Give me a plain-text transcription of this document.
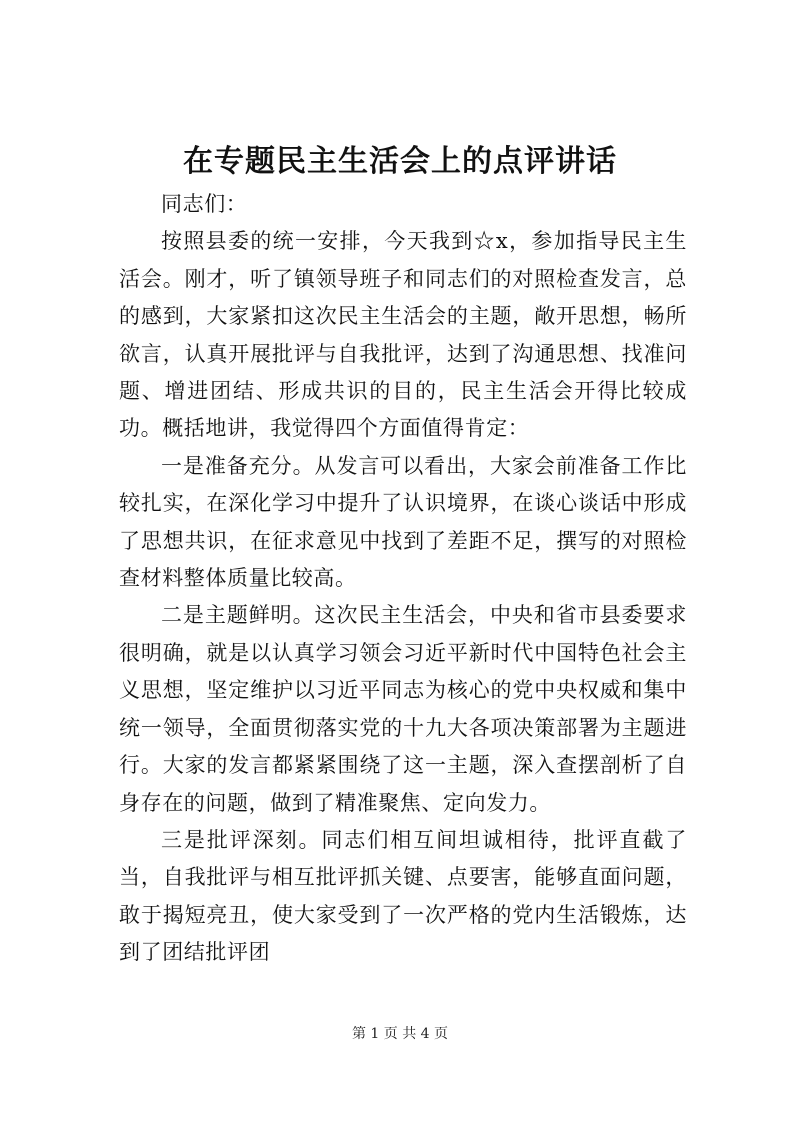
在专题民主生活会上的点评讲话

同志们：

按照县委的统一安排，今天我到☆x，参加指导民主生活会。刚才，听了镇领导班子和同志们的对照检查发言，总的感到，大家紧扣这次民主生活会的主题，敞开思想，畅所欲言，认真开展批评与自我批评，达到了沟通思想、找准问题、增进团结、形成共识的目的，民主生活会开得比较成功。概括地讲，我觉得四个方面值得肯定：

一是准备充分。从发言可以看出，大家会前准备工作比较扎实，在深化学习中提升了认识境界，在谈心谈话中形成了思想共识，在征求意见中找到了差距不足，撰写的对照检查材料整体质量比较高。

二是主题鲜明。这次民主生活会，中央和省市县委要求很明确，就是以认真学习领会习近平新时代中国特色社会主义思想，坚定维护以习近平同志为核心的党中央权威和集中统一领导，全面贯彻落实党的十九大各项决策部署为主题进行。大家的发言都紧紧围绕了这一主题，深入查摆剖析了自身存在的问题，做到了精准聚焦、定向发力。

三是批评深刻。同志们相互间坦诚相待，批评直截了当，自我批评与相互批评抓关键、点要害，能够直面问题，敢于揭短亮丑，使大家受到了一次严格的党内生活锻炼，达到了团结批评团

第 1 页 共 4 页
